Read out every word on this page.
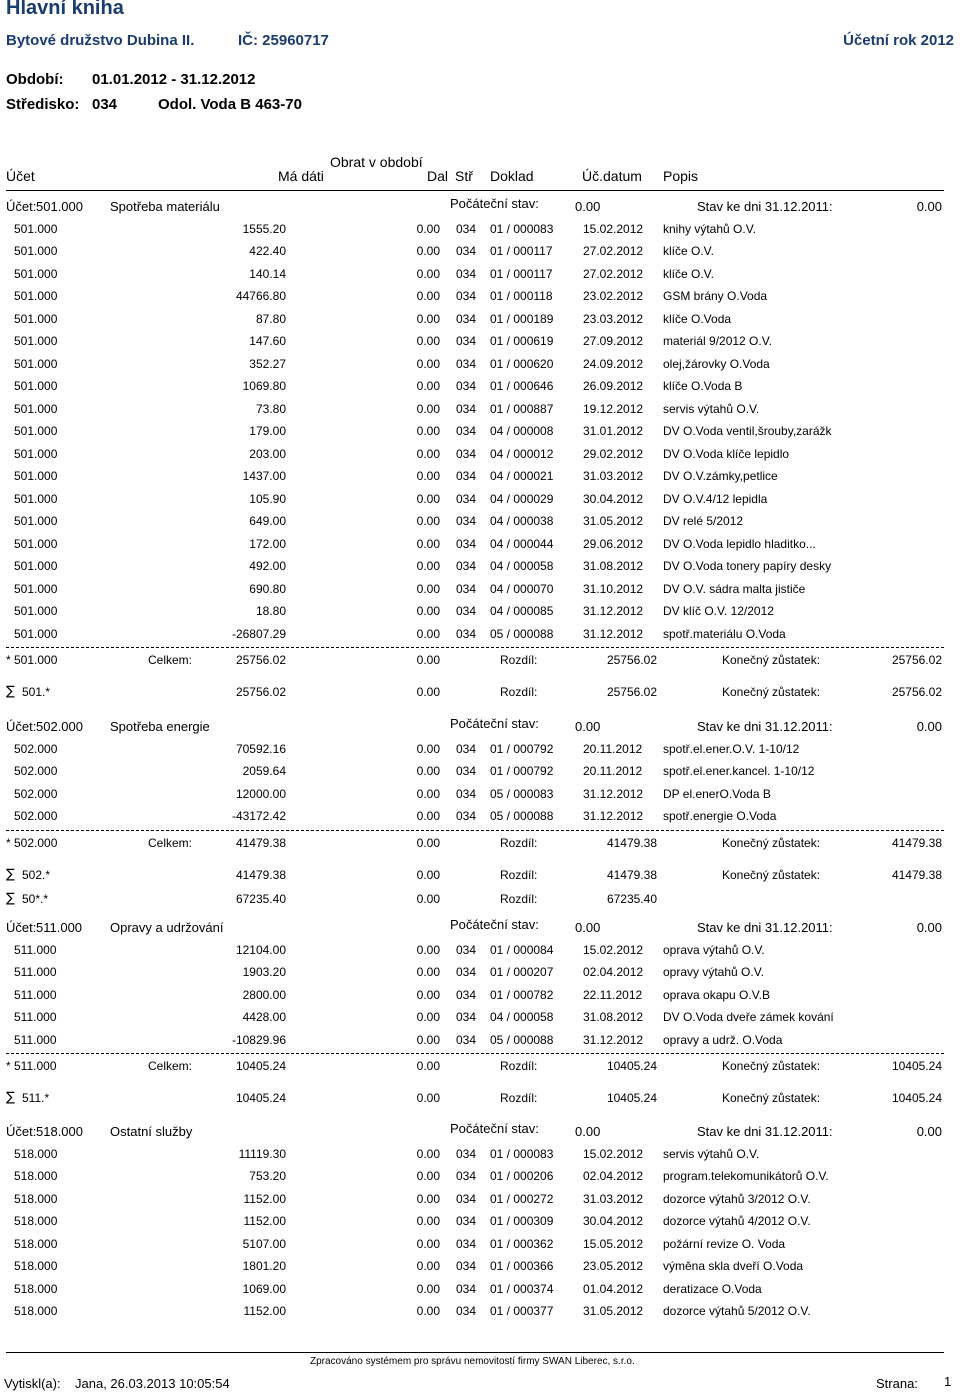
Hlavní kniha
Bytové družstvo Dubina II.	IČ: 25960717	Účetní rok 2012
Období: 01.01.2012 - 31.12.2012
Středisko: 034	Odol. Voda B 463-70
Obrat v období
Účet	Má dáti	Dal Stř Doklad	Úč.datum Popis
Účet: 501.000 Spotřeba materiálu	Počáteční stav:	0.00	Stav ke dni 31.12.2011:	0.00
501.000	1555.20	0.00 034 01 / 000083 15.02.2012 knihy výtahů O.V.
501.000	422.40	0.00 034 01 / 000117	27.02.2012 klíče O.V.
501.000	140.14	0.00 034 01 / 000117	27.02.2012 klíče O.V.
501.000	44766.80	0.00 034 01 / 000118	23.02.2012 GSM brány O.Voda
501.000	87.80	0.00 034 01 / 000189 23.03.2012 klíče O.Voda
501.000	147.60	0.00 034 01 / 000619 27.09.2012 materiál 9/2012 O.V.
501.000	352.27	0.00 034 01 / 000620 24.09.2012 olej,žárovky O.Voda
501.000	1069.80	0.00 034 01 / 000646 26.09.2012 klíče O.Voda B
501.000	73.80	0.00 034 01 / 000887 19.12.2012 servis výtahů O.V.
501.000	179.00	0.00 034 04 / 000008 31.01.2012 DV O.Voda ventil,šrouby,zarážk
501.000	203.00	0.00 034 04 / 000012 29.02.2012 DV O.Voda klíče lepidlo
501.000	1437.00	0.00 034 04 / 000021 31.03.2012 DV O.V.zámky,petlice
501.000	105.90	0.00 034 04 / 000029 30.04.2012 DV O.V.4/12 lepidla
501.000	649.00	0.00 034 04 / 000038 31.05.2012 DV relé 5/2012
501.000	172.00	0.00 034 04 / 000044 29.06.2012 DV O.Voda lepidlo hladitko...
501.000	492.00	0.00 034 04 / 000058 31.08.2012 DV O.Voda tonery papíry desky
501.000	690.80	0.00 034 04 / 000070 31.10.2012 DV O.V. sádra malta jističe
501.000	18.80	0.00 034 04 / 000085 31.12.2012 DV klíč O.V. 12/2012
501.000	-26807.29	0.00 034 05 / 000088 31.12.2012 spotř.materiálu O.Voda
* 501.000	Celkem:	25756.02	0.00	Rozdíl:	25756.02	Konečný zůstatek:	25756.02
∑ 501.*	25756.02	0.00	Rozdíl:	25756.02	Konečný zůstatek:	25756.02
Účet: 502.000 Spotřeba energie	Počáteční stav:	0.00	Stav ke dni 31.12.2011:	0.00
502.000	70592.16	0.00 034 01 / 000792 20.11.2012 spotř.el.ener.O.V. 1-10/12
502.000	2059.64	0.00 034 01 / 000792 20.11.2012 spotř.el.ener.kancel. 1-10/12
502.000	12000.00	0.00 034 05 / 000083 31.12.2012 DP el.enerO.Voda B
502.000	-43172.42	0.00 034 05 / 000088 31.12.2012 spotř.energie O.Voda
* 502.000	Celkem:	41479.38	0.00	Rozdíl:	41479.38	Konečný zůstatek:	41479.38
∑ 502.*	41479.38	0.00	Rozdíl:	41479.38	Konečný zůstatek:	41479.38
∑ 50*.*	67235.40	0.00	Rozdíl:	67235.40
Účet: 511.000 Opravy a udržování	Počáteční stav:	0.00	Stav ke dni 31.12.2011:	0.00
511.000	12104.00	0.00 034 01 / 000084 15.02.2012 oprava výtahů O.V.
511.000	1903.20	0.00 034 01 / 000207 02.04.2012 opravy výtahů O.V.
511.000	2800.00	0.00 034 01 / 000782 22.11.2012 oprava okapu O.V.B
511.000	4428.00	0.00 034 04 / 000058 31.08.2012 DV O.Voda dveře zámek kování
511.000	-10829.96	0.00 034 05 / 000088 31.12.2012 opravy a udrž. O.Voda
* 511.000	Celkem:	10405.24	0.00	Rozdíl:	10405.24	Konečný zůstatek:	10405.24
∑ 511.*	10405.24	0.00	Rozdíl:	10405.24	Konečný zůstatek:	10405.24
Účet: 518.000 Ostatní služby	Počáteční stav:	0.00	Stav ke dni 31.12.2011:	0.00
518.000	11119.30	0.00 034 01 / 000083 15.02.2012 servis výtahů O.V.
518.000	753.20	0.00 034 01 / 000206 02.04.2012 program.telekomunikátorů O.V.
518.000	1152.00	0.00 034 01 / 000272 31.03.2012 dozorce výtahů 3/2012 O.V.
518.000	1152.00	0.00 034 01 / 000309 30.04.2012 dozorce výtahů 4/2012 O.V.
518.000	5107.00	0.00 034 01 / 000362 15.05.2012 požární revize O. Voda
518.000	1801.20	0.00 034 01 / 000366 23.05.2012 výměna skla dveří O.Voda
518.000	1069.00	0.00 034 01 / 000374 01.04.2012 deratizace O.Voda
518.000	1152.00	0.00 034 01 / 000377 31.05.2012 dozorce výtahů 5/2012 O.V.
Zpracováno systémem pro správu nemovitostí firmy SWAN Liberec, s.r.o.
Vytiskl(a): Jana, 26.03.2013 10:05:54	Strana: 1
